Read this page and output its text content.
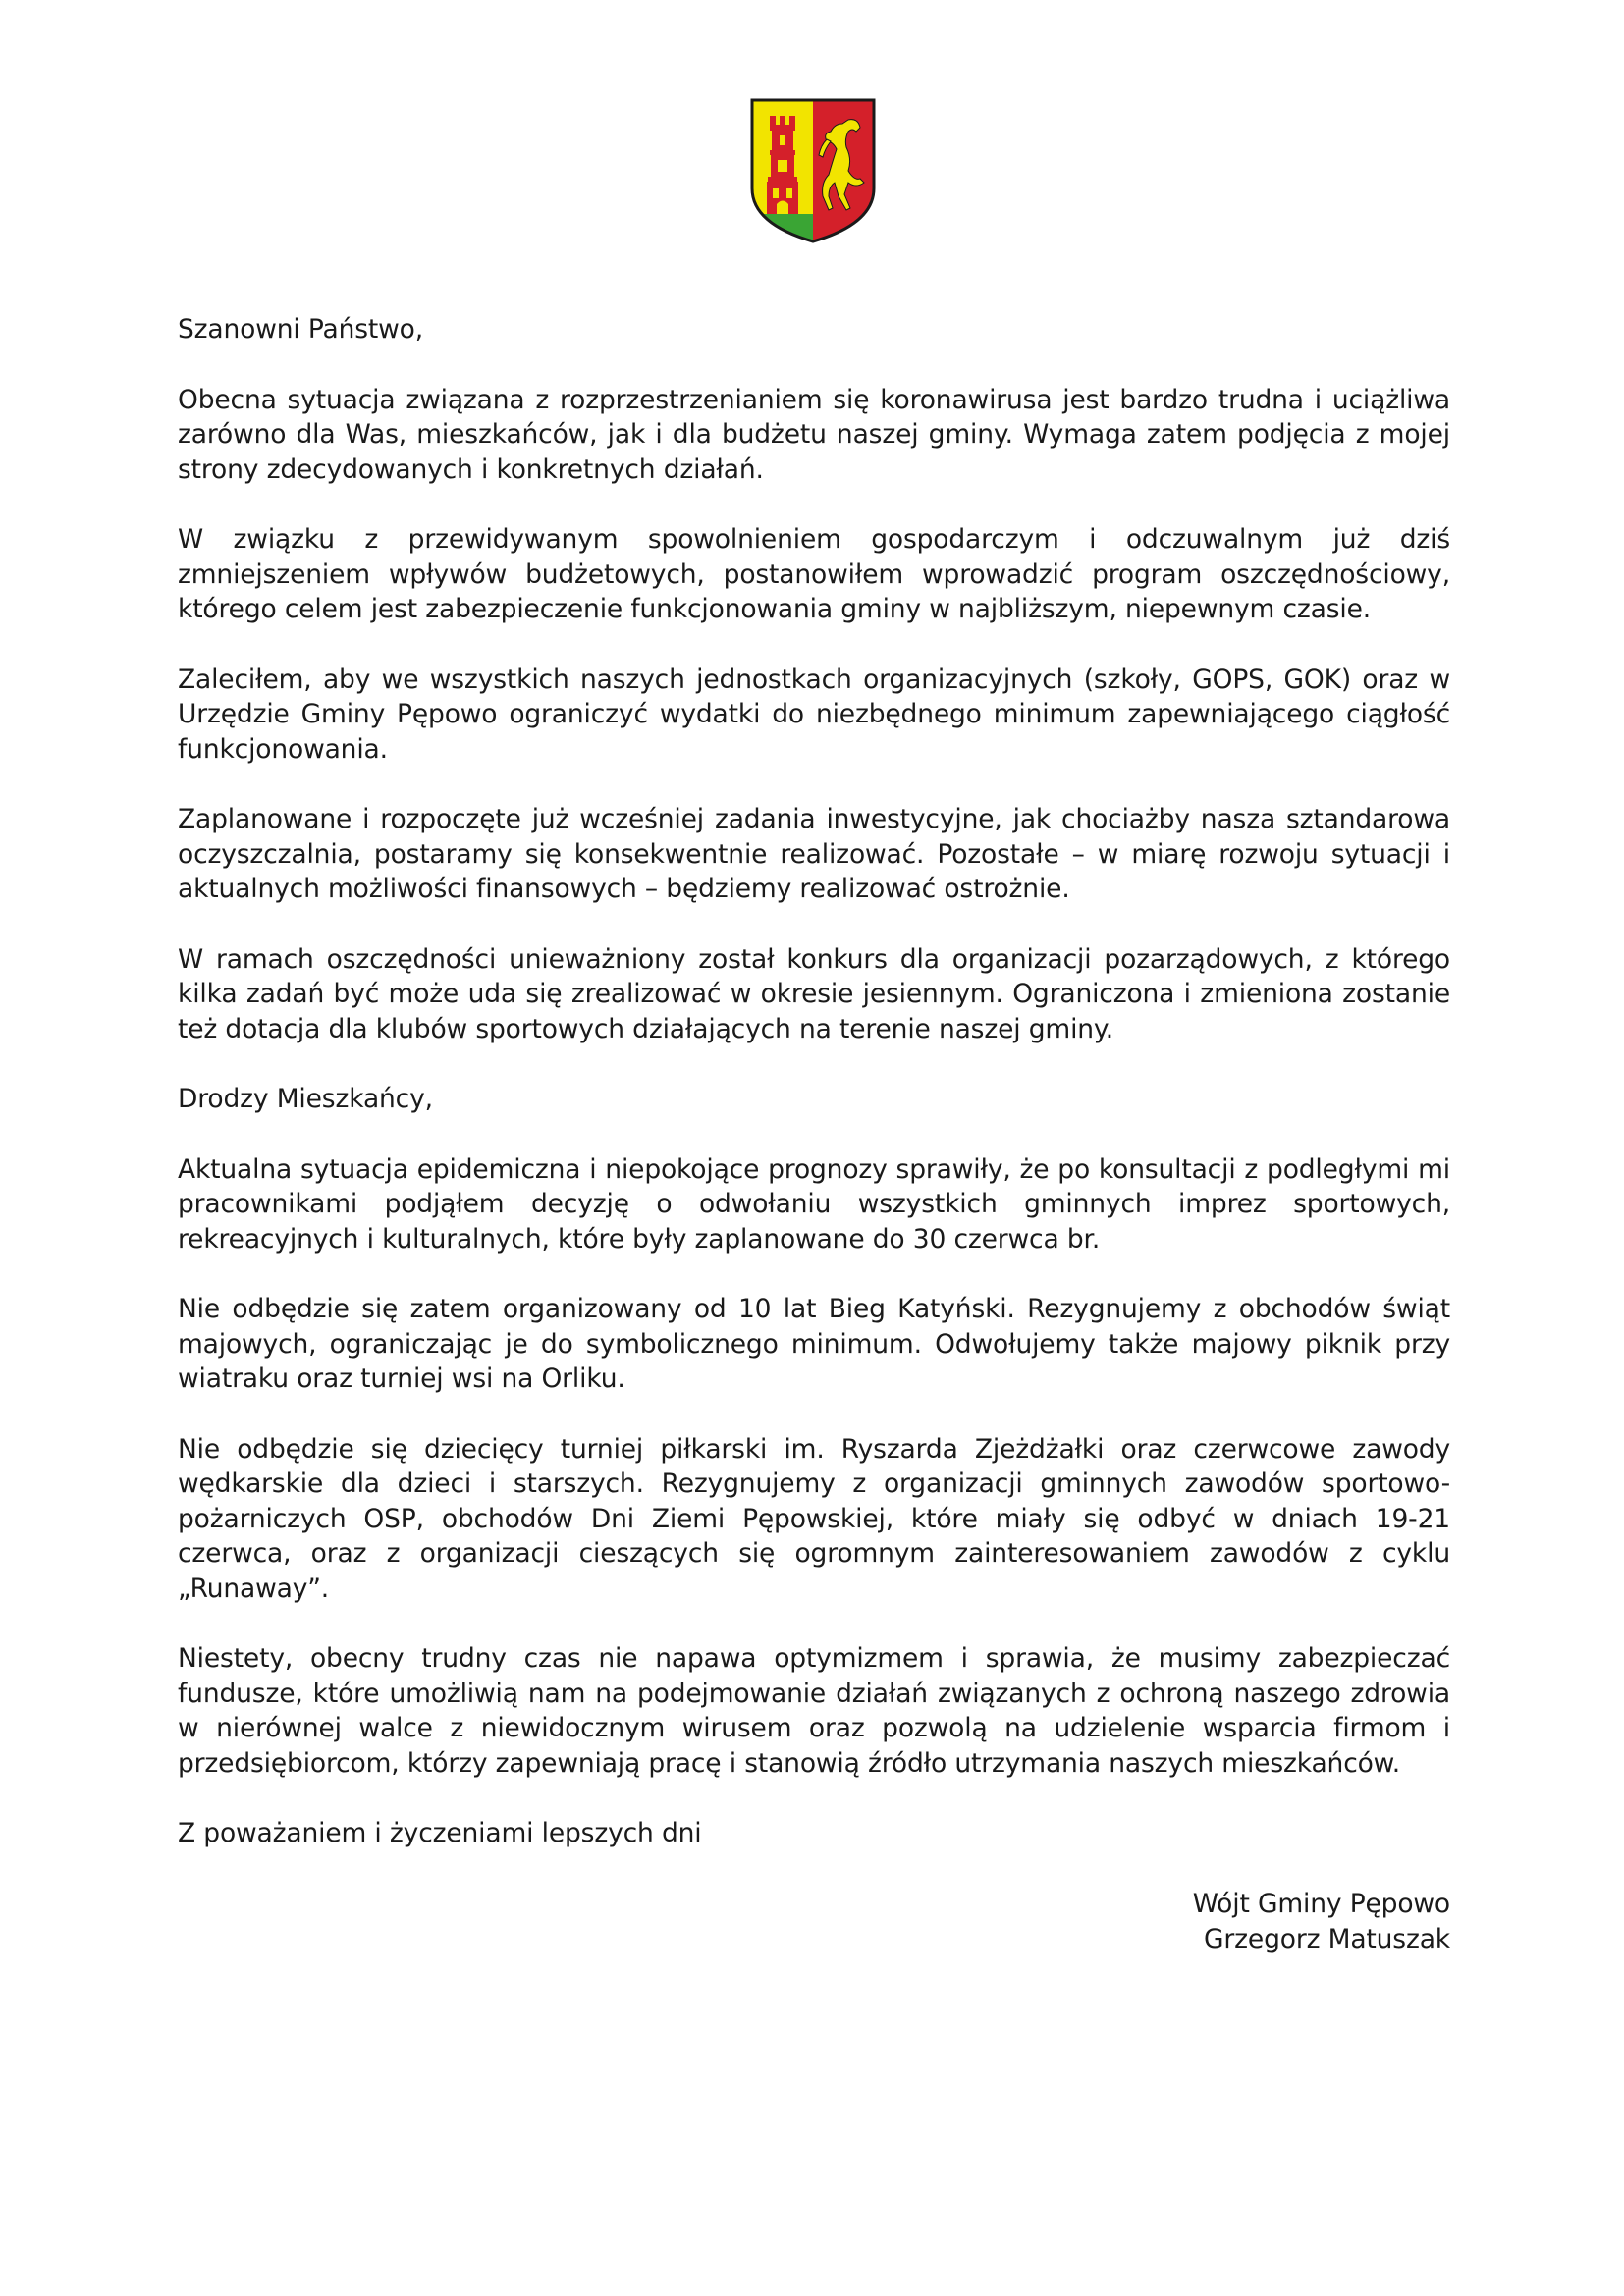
Szanowni Państwo,
Obecna sytuacja związana z rozprzestrzenianiem się koronawirusa jest bardzo trudna i uciążliwa zarówno dla Was, mieszkańców, jak i dla budżetu naszej gminy. Wymaga zatem podjęcia z mojej strony zdecydowanych i konkretnych działań.
W związku z przewidywanym spowolnieniem gospodarczym i odczuwalnym już dziś zmniejszeniem wpływów budżetowych, postanowiłem wprowadzić program oszczędnościowy, którego celem jest zabezpieczenie funkcjonowania gminy w najbliższym, niepewnym czasie.
Zaleciłem, aby we wszystkich naszych jednostkach organizacyjnych (szkoły, GOPS, GOK) oraz w Urzędzie Gminy Pępowo ograniczyć wydatki do niezbędnego minimum zapewniającego ciągłość funkcjonowania.
Zaplanowane i rozpoczęte już wcześniej zadania inwestycyjne, jak chociażby nasza sztandarowa oczyszczalnia, postaramy się konsekwentnie realizować. Pozostałe – w miarę rozwoju sytuacji i aktualnych możliwości finansowych – będziemy realizować ostrożnie.
W ramach oszczędności unieważniony został konkurs dla organizacji pozarządowych, z którego kilka zadań być może uda się zrealizować w okresie jesiennym. Ograniczona i zmieniona zostanie też dotacja dla klubów sportowych działających na terenie naszej gminy.
Drodzy Mieszkańcy,
Aktualna sytuacja epidemiczna i niepokojące prognozy sprawiły, że po konsultacji z podległymi mi pracownikami podjąłem decyzję o odwołaniu wszystkich gminnych imprez sportowych, rekreacyjnych i kulturalnych, które były zaplanowane do 30 czerwca br.
Nie odbędzie się zatem organizowany od 10 lat Bieg Katyński. Rezygnujemy z obchodów świąt majowych, ograniczając je do symbolicznego minimum. Odwołujemy także majowy piknik przy wiatraku oraz turniej wsi na Orliku.
Nie odbędzie się dziecięcy turniej piłkarski im. Ryszarda Zjeżdżałki oraz czerwcowe zawody wędkarskie dla dzieci i starszych. Rezygnujemy z organizacji gminnych zawodów sportowo-pożarniczych OSP, obchodów Dni Ziemi Pępowskiej, które miały się odbyć w dniach 19-21 czerwca, oraz z organizacji cieszących się ogromnym zainteresowaniem zawodów z cyklu „Runaway”.
Niestety, obecny trudny czas nie napawa optymizmem i sprawia, że musimy zabezpieczać fundusze, które umożliwią nam na podejmowanie działań związanych z ochroną naszego zdrowia w nierównej walce z niewidocznym wirusem oraz pozwolą na udzielenie wsparcia firmom i przedsiębiorcom, którzy zapewniają pracę i stanowią źródło utrzymania naszych mieszkańców.
Z poważaniem i życzeniami lepszych dni
Wójt Gminy Pępowo
Grzegorz Matuszak
